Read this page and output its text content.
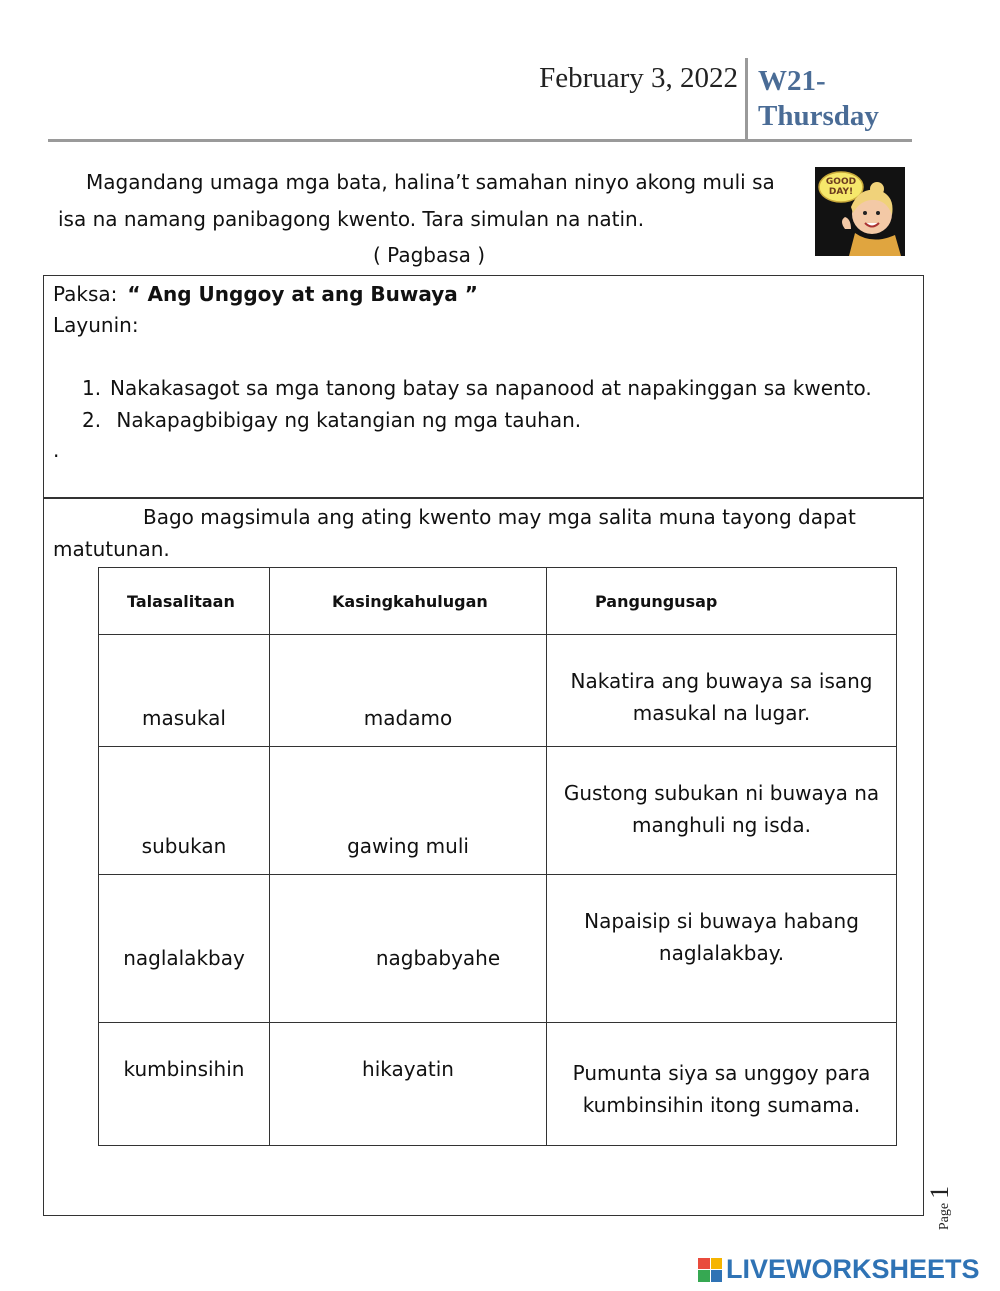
February 3, 2022 W21-
Thursday
Magandang umaga mga bata, halina’t samahan ninyo akong muli sa
isa na namang panibagong kwento. Tara simulan na natin.
( Pagbasa )
GOOD
DAY!
Paksa: “ Ang Unggoy at ang Buwaya ”
Layunin:
1. Nakakasagot sa mga tanong batay sa napanood at napakinggan sa kwento.
2. Nakapagbibigay ng katangian ng mga tauhan.
.
Bago magsimula ang ating kwento may mga salita muna tayong dapat
matutunan.
Talasalitaan	Kasingkahulugan	Pangungusap
masukal	madamo	Nakatira ang buwaya sa isang masukal na lugar.
subukan	gawing muli	Gustong subukan ni buwaya na manghuli ng isda.
naglalakbay	nagbabyahe	Napaisip si buwaya habang naglalakbay.
kumbinsihin	hikayatin	Pumunta siya sa unggoy para kumbinsihin itong sumama.
Page
1
LIVEWORKSHEETS
